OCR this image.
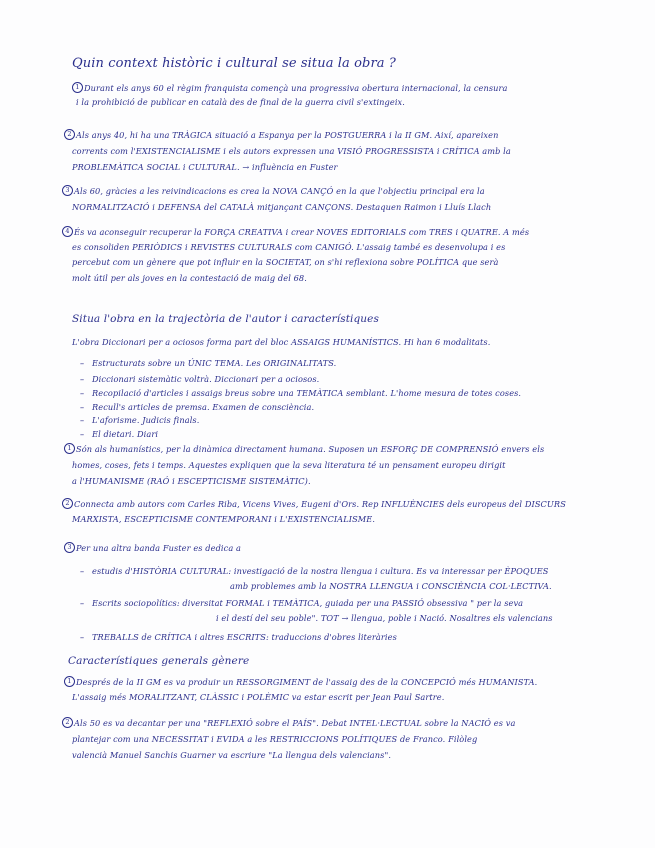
Quin context històric i cultural se situa la obra ?
1 Durant els anys 60 el règim franquista començà una progressiva obertura internacional, la censura
i la prohibició de publicar en català des de final de la guerra civil s'extingeix.
2 Als anys 40, hi ha una TRÀGICA situació a Espanya per la POSTGUERRA i la II GM. Així, apareixen
corrents com l'EXISTENCIALISME i els autors expressen una VISIÓ PROGRESSISTA i CRÍTICA amb la
PROBLEMÀTICA SOCIAL i CULTURAL. → influència en Fuster
3 Als 60, gràcies a les reivindicacions es crea la NOVA CANÇÓ en la que l'objectiu principal era la
NORMALITZACIÓ i DEFENSA del CATALÀ mitjançant CANÇONS. Destaquen Raimon i Lluís Llach
4 És va aconseguir recuperar la FORÇA CREATIVA i crear NOVES EDITORIALS com TRES i QUATRE. A més
es consoliden PERIÒDICS i REVISTES CULTURALS com CANIGÓ. L'assaig també es desenvolupa i es
percebut com un gènere que pot influir en la SOCIETAT, on s'hi reflexiona sobre POLÍTICA que serà
molt útil per als joves en la contestació de maig del 68.
Situa l'obra en la trajectòria de l'autor i característiques
L'obra Diccionari per a ociosos forma part del bloc ASSAIGS HUMANÍSTICS. Hi han 6 modalitats.
– Estructurats sobre un ÚNIC TEMA. Les ORIGINALITATS.
– Diccionari sistemàtic voltrà. Diccionari per a ociosos.
– Recopilació d'articles i assaigs breus sobre una TEMÀTICA semblant. L'home mesura de totes coses.
– Recull's articles de premsa. Examen de consciència.
– L'aforisme. Judicis finals.
– El dietari. Diari
1 Són als humanístics, per la dinàmica directament humana. Suposen un ESFORÇ DE COMPRENSIÓ envers els
homes, coses, fets i temps. Aquestes expliquen que la seva literatura té un pensament europeu dirigit
a l'HUMANISME (RAÓ i ESCEPTICISME SISTEMÀTIC).
2 Connecta amb autors com Carles Riba, Vicens Vives, Eugeni d'Ors. Rep INFLUÈNCIES dels europeus del DISCURS
MARXISTA, ESCEPTICISME CONTEMPORANI i L'EXISTENCIALISME.
3 Per una altra banda Fuster es dedica a
– estudis d'HISTÒRIA CULTURAL: investigació de la nostra llengua i cultura. Es va interessar per ÈPOQUES
amb problemes amb la NOSTRA LLENGUA i CONSCIÈNCIA COL·LECTIVA.
– Escrits sociopolítics: diversitat FORMAL i TEMÀTICA, guiada per una PASSIÓ obsessiva " per la seva
i el destí del seu poble". TOT → llengua, poble i Nació. Nosaltres els valencians
– TREBALLS de CRÍTICA i altres ESCRITS: traduccions d'obres literàries
Característiques generals gènere
1 Després de la II GM es va produir un RESSORGIMENT de l'assaig des de la CONCEPCIÓ més HUMANISTA.
L'assaig més MORALITZANT, CLÀSSIC i POLÈMIC va estar escrit per Jean Paul Sartre.
2 Als 50 es va decantar per una "REFLEXIÓ sobre el PAÍS". Debat INTEL·LECTUAL sobre la NACIÓ es va
plantejar com una NECESSITAT i EVIDA a les RESTRICCIONS POLÍTIQUES de Franco. Filòleg
valencià Manuel Sanchis Guarner va escriure "La llengua dels valencians".
